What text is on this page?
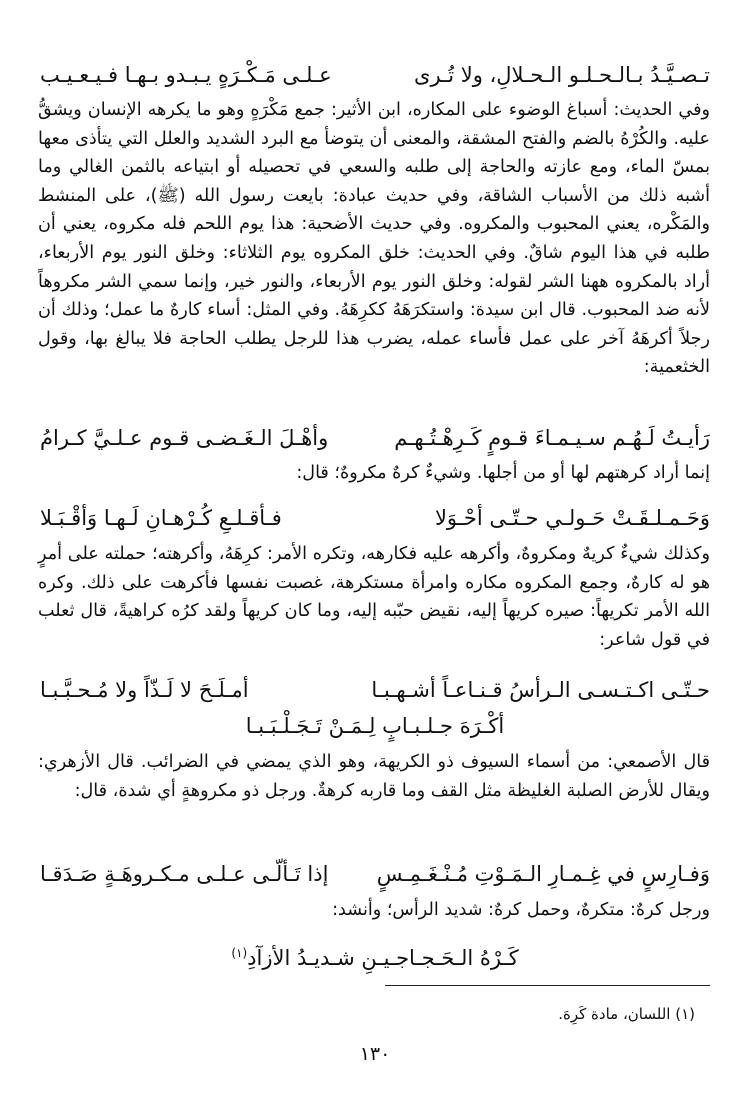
تـصـيَّـدُ بـالـحـلـو الـحـلالِ، ولا تُـرى
عـلـى مَـكْـرَهٍ يـبـدو بـهـا فـيـعـيـب
وفي الحديث: أسباغ الوضوء على المكاره، ابن الأثير: جمع مَكْرَهٍ وهو ما يكرهه الإنسان ويشقُّ عليه. والكُرْهُ بالضم والفتح المشقة، والمعنى أن يتوضأ مع البرد الشديد والعلل التي يتأذى معها بمسّ الماء، ومع عازته والحاجة إلى طلبه والسعي في تحصيله أو ابتياعه بالثمن الغالي وما أشبه ذلك من الأسباب الشاقة، وفي حديث عبادة: بايعت رسول الله (ﷺ)، على المنشط والمَكْره، يعني المحبوب والمكروه. وفي حديث الأضحية: هذا يوم اللحم فله مكروه، يعني أن طلبه في هذا اليوم شاقٌ. وفي الحديث: خلق المكروه يوم الثلاثاء: وخلق النور يوم الأربعاء، أراد بالمكروه ههنا الشر لقوله: وخلق النور يوم الأربعاء، والنور خير، وإنما سمي الشر مكروهاً لأنه ضد المحبوب. قال ابن سيدة: واستكرَهَهُ ككرِهَهُ. وفي المثل: أساء كارهٌ ما عمل؛ وذلك أن رجلاً أكرهَهُ آخر على عمل فأساء عمله، يضرب هذا للرجل يطلب الحاجة فلا يبالغ بها، وقول الخثعمية:
رَأيـتُ لَـهُـم سـيـمـاءَ قـومٍ كَـرِهْـتُـهـم
وأهْـلَ الـغَـضـى قـوم عـلـيَّ كـرامُ
إنما أراد كرهتهم لها أو من أجلها. وشيءٌ كرهٌ مكروهٌ؛ قال:
وَحَـمـلـقَـتْ حَـولـي حـتّـى أحْـوَلا
فـأقـلـعِ كُـرْهـانِ لَـهـا وَأقْـبَـلا
وكذلك شيءٌ كريهٌ ومكروهٌ، وأكرهه عليه فكارهه، وتكره الأمر: كرِهَهُ، وأكرهته؛ حملته على أمرٍ هو له كارهٌ، وجمع المكروه مكاره وامرأة مستكرهة، غصبت نفسها فأكرهت على ذلك. وكره الله الأمر تكريهاً: صيره كريهاً إليه، نقيض حبّبه إليه، وما كان كريهاً ولقد كرُه كراهيةً، قال ثعلب في قول شاعر:
حـتّـى اكـتـسـى الـرأسُ قـنـاعـاً أشـهـبـا
أمـلَـحَ لا لَـذّاً ولا مُـحـبَّـبـا
أكْـرَهَ جـلـبـابٍ لِـمَـنْ تَـجَـلْـبَـبـا
قال الأصمعي: من أسماء السيوف ذو الكريهة، وهو الذي يمضي في الضرائب. قال الأزهري: ويقال للأرض الصلبة الغليظة مثل القف وما قاربه كرهةٌ. ورجل ذو مكروهةٍ أي شدة، قال:
وَفـارِسٍ في غِـمـارِ الـمَـوْتِ مُـنْـغَـمِـسٍ
إذا تَـألّـى عـلـى مـكـروهَـةٍ صَـدَقـا
ورجل كرهٌ: متكرهٌ، وحمل كرهٌ: شديد الرأس؛ وأنشد:
كَـرْهُ الـحَـجـاجـيـنِ شـديـدُ الأزآدِ$^{(١)}$
(١) اللسان، مادة كَرِهَ.
١٣٠
